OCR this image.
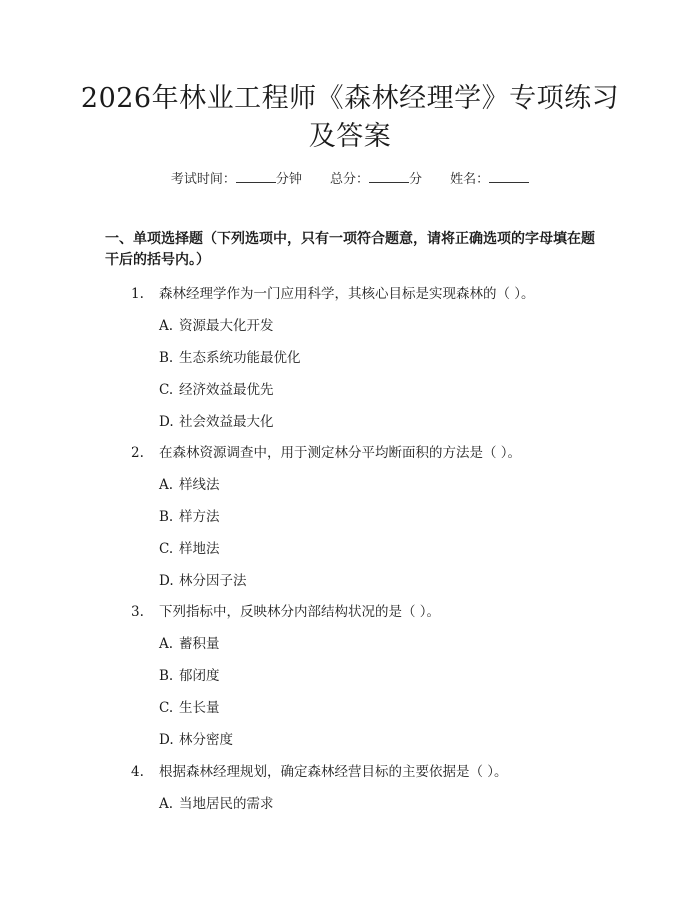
2026年林业工程师《森林经理学》专项练习
及答案
考试时间：	分钟 总分：	分 姓名：
一、单项选择题（下列选项中，只有一项符合题意，请将正确选项的字母填在题干后的括号内。）
1. 森林经理学作为一门应用科学，其核心目标是实现森林的（ ）。
A. 资源最大化开发
B. 生态系统功能最优化
C. 经济效益最优先
D. 社会效益最大化
2. 在森林资源调查中，用于测定林分平均断面积的方法是（ ）。
A. 样线法
B. 样方法
C. 样地法
D. 林分因子法
3. 下列指标中，反映林分内部结构状况的是（ ）。
A. 蓄积量
B. 郁闭度
C. 生长量
D. 林分密度
4. 根据森林经理规划，确定森林经营目标的主要依据是（ ）。
A. 当地居民的需求
